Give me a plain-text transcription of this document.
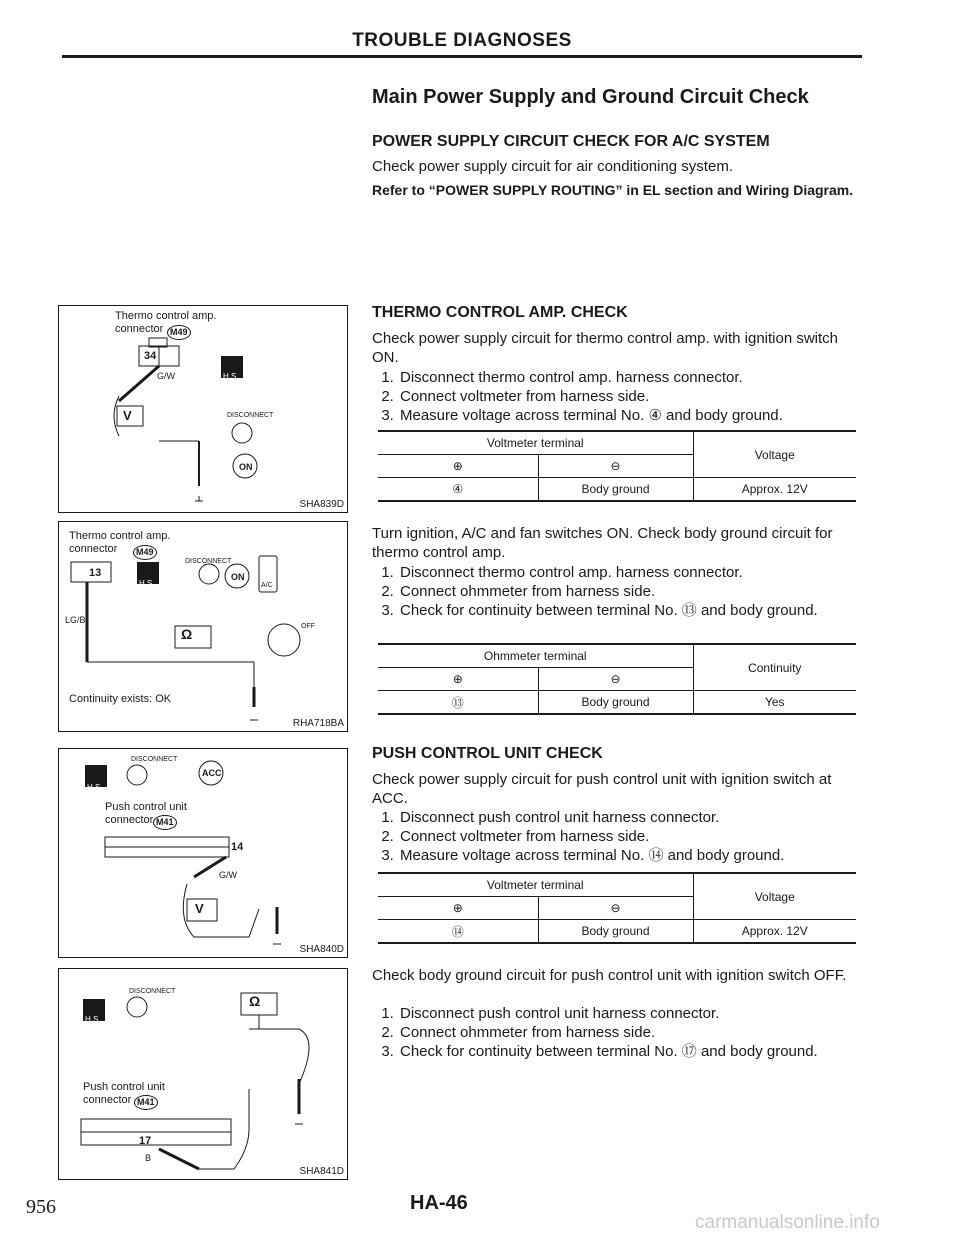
TROUBLE DIAGNOSES
Main Power Supply and Ground Circuit Check
POWER SUPPLY CIRCUIT CHECK FOR A/C SYSTEM
Check power supply circuit for air conditioning system.
Refer to “POWER SUPPLY ROUTING” in EL section and Wiring Diagram.
THERMO CONTROL AMP. CHECK
Check power supply circuit for thermo control amp. with ignition switch ON.
1. Disconnect thermo control amp. harness connector.
2. Connect voltmeter from harness side.
3. Measure voltage across terminal No. ④ and body ground.
Voltmeter terminal		Voltage
⊕	⊖	
④	Body ground	Approx. 12V
Turn ignition, A/C and fan switches ON. Check body ground circuit for thermo control amp.
1. Disconnect thermo control amp. harness connector.
2. Connect ohmmeter from harness side.
3. Check for continuity between terminal No. ⑬ and body ground.
Ohmmeter terminal		Continuity
⊕	⊖	
⑬	Body ground	Yes
PUSH CONTROL UNIT CHECK
Check power supply circuit for push control unit with ignition switch at ACC.
1. Disconnect push control unit harness connector.
2. Connect voltmeter from harness side.
3. Measure voltage across terminal No. ⑭ and body ground.
Voltmeter terminal		Voltage
⊕	⊖	
⑭	Body ground	Approx. 12V
Check body ground circuit for push control unit with ignition switch OFF.
1. Disconnect push control unit harness connector.
2. Connect ohmmeter from harness side.
3. Check for continuity between terminal No. ⑰ and body ground.
Thermo control amp. connector M49
34
G/W	H.S.
V	DISCONNECT
ON
SHA839D
Thermo control amp. connector	M49
13
LG/B
H.S.
Ω
DISCONNECT
ON
A/C
OFF
Continuity exists: OK
RHA718BA
H.S.
DISCONNECT
ACC
Push control unit connector M41
14
G/W
V
SHA840D
H.S.
DISCONNECT
Ω
Push control unit connector M41
17
B
SHA841D
956	HA-46
carmanualsonline.info
